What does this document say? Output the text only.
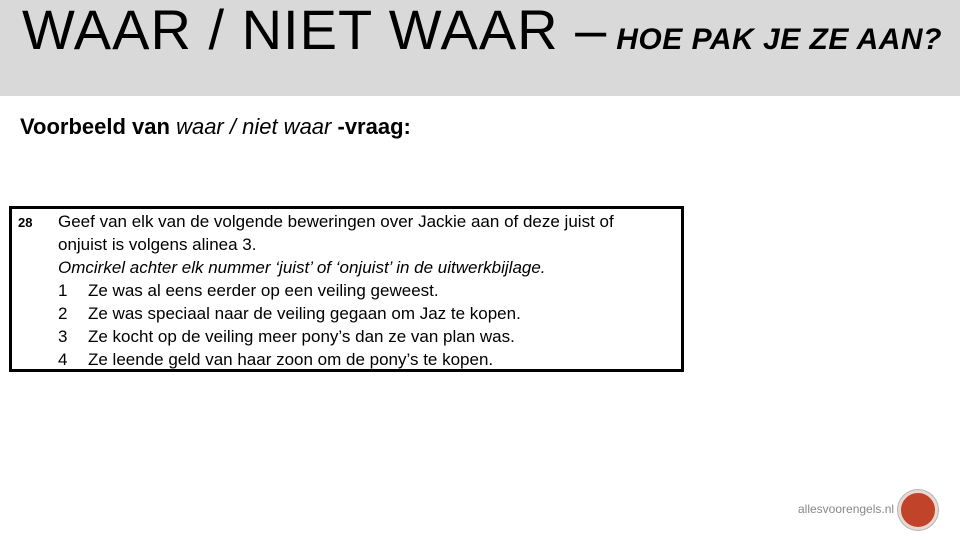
WAAR / NIET WAAR – HOE PAK JE ZE AAN?
Voorbeeld van waar / niet waar -vraag:
28 Geef van elk van de volgende beweringen over Jackie aan of deze juist of

onjuist is volgens alinea 3.

Omcirkel achter elk nummer ‘juist’ of ‘onjuist’ in de uitwerkbijlage.

1	Ze was al eens eerder op een veiling geweest.
2	Ze was speciaal naar de veiling gegaan om Jaz te kopen.
3	Ze kocht op de veiling meer pony’s dan ze van plan was.
4	Ze leende geld van haar zoon om de pony’s te kopen.
allesvoorengels.nl
